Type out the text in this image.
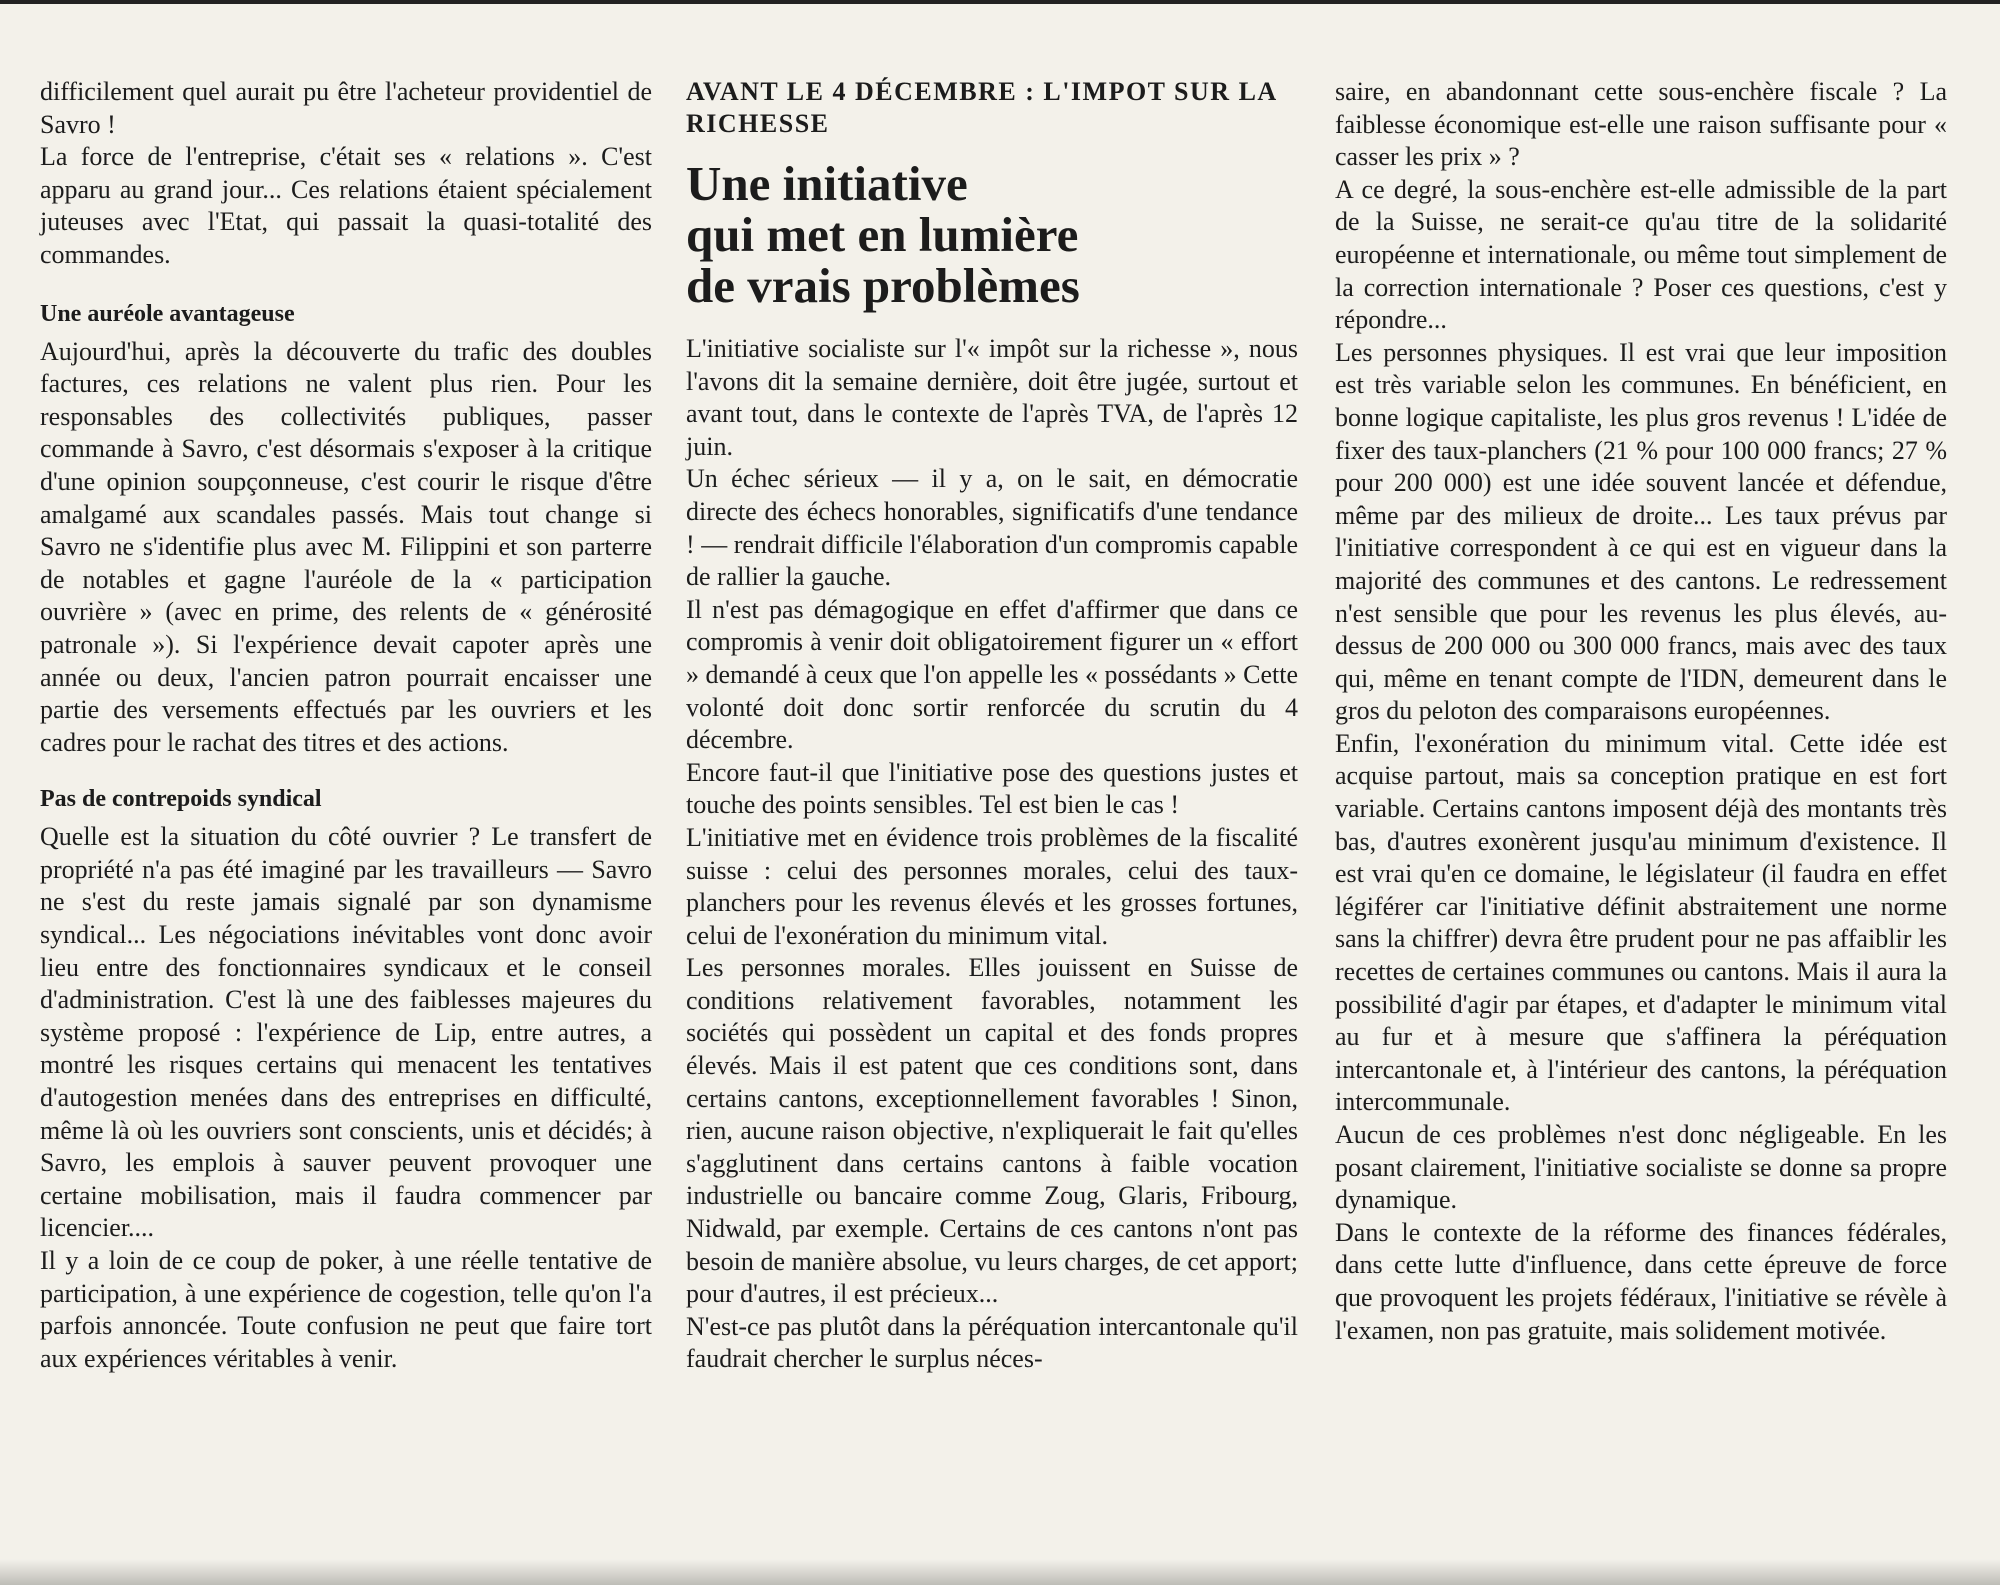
difficilement quel aurait pu être l'acheteur providentiel de Savro !

La force de l'entreprise, c'était ses « relations ». C'est apparu au grand jour... Ces relations étaient spécialement juteuses avec l'Etat, qui passait la quasi-totalité des commandes.

Une auréole avantageuse

Aujourd'hui, après la découverte du trafic des doubles factures, ces relations ne valent plus rien. Pour les responsables des collectivités publiques, passer commande à Savro, c'est désormais s'exposer à la critique d'une opinion soupçonneuse, c'est courir le risque d'être amalgamé aux scandales passés. Mais tout change si Savro ne s'identifie plus avec M. Filippini et son parterre de notables et gagne l'auréole de la « participation ouvrière » (avec en prime, des relents de « générosité patronale »). Si l'expérience devait capoter après une année ou deux, l'ancien patron pourrait encaisser une partie des versements effectués par les ouvriers et les cadres pour le rachat des titres et des actions.

Pas de contrepoids syndical

Quelle est la situation du côté ouvrier ? Le transfert de propriété n'a pas été imaginé par les travailleurs — Savro ne s'est du reste jamais signalé par son dynamisme syndical... Les négociations inévitables vont donc avoir lieu entre des fonctionnaires syndicaux et le conseil d'administration. C'est là une des faiblesses majeures du système proposé : l'expérience de Lip, entre autres, a montré les risques certains qui menacent les tentatives d'autogestion menées dans des entreprises en difficulté, même là où les ouvriers sont conscients, unis et décidés; à Savro, les emplois à sauver peuvent provoquer une certaine mobilisation, mais il faudra commencer par licencier....

Il y a loin de ce coup de poker, à une réelle tentative de participation, à une expérience de cogestion, telle qu'on l'a parfois annoncée. Toute confusion ne peut que faire tort aux expériences véritables à venir.

AVANT LE 4 DÉCEMBRE : L'IMPOT SUR LA RICHESSE

Une initiative
qui met en lumière
de vrais problèmes

L'initiative socialiste sur l'« impôt sur la richesse », nous l'avons dit la semaine dernière, doit être jugée, surtout et avant tout, dans le contexte de l'après TVA, de l'après 12 juin.

Un échec sérieux — il y a, on le sait, en démocratie directe des échecs honorables, significatifs d'une tendance ! — rendrait difficile l'élaboration d'un compromis capable de rallier la gauche.

Il n'est pas démagogique en effet d'affirmer que dans ce compromis à venir doit obligatoirement figurer un « effort » demandé à ceux que l'on appelle les « possédants » Cette volonté doit donc sortir renforcée du scrutin du 4 décembre.

Encore faut-il que l'initiative pose des questions justes et touche des points sensibles. Tel est bien le cas !

L'initiative met en évidence trois problèmes de la fiscalité suisse : celui des personnes morales, celui des taux-planchers pour les revenus élevés et les grosses fortunes, celui de l'exonération du minimum vital.

Les personnes morales. Elles jouissent en Suisse de conditions relativement favorables, notamment les sociétés qui possèdent un capital et des fonds propres élevés. Mais il est patent que ces conditions sont, dans certains cantons, exceptionnellement favorables ! Sinon, rien, aucune raison objective, n'expliquerait le fait qu'elles s'agglutinent dans certains cantons à faible vocation industrielle ou bancaire comme Zoug, Glaris, Fribourg, Nidwald, par exemple. Certains de ces cantons n'ont pas besoin de manière absolue, vu leurs charges, de cet apport; pour d'autres, il est précieux...

N'est-ce pas plutôt dans la péréquation intercantonale qu'il faudrait chercher le surplus néces-

saire, en abandonnant cette sous-enchère fiscale ? La faiblesse économique est-elle une raison suffisante pour « casser les prix » ?

A ce degré, la sous-enchère est-elle admissible de la part de la Suisse, ne serait-ce qu'au titre de la solidarité européenne et internationale, ou même tout simplement de la correction internationale ? Poser ces questions, c'est y répondre...

Les personnes physiques. Il est vrai que leur imposition est très variable selon les communes. En bénéficient, en bonne logique capitaliste, les plus gros revenus ! L'idée de fixer des taux-planchers (21 % pour 100 000 francs; 27 % pour 200 000) est une idée souvent lancée et défendue, même par des milieux de droite... Les taux prévus par l'initiative correspondent à ce qui est en vigueur dans la majorité des communes et des cantons. Le redressement n'est sensible que pour les revenus les plus élevés, au-dessus de 200 000 ou 300 000 francs, mais avec des taux qui, même en tenant compte de l'IDN, demeurent dans le gros du peloton des comparaisons européennes.

Enfin, l'exonération du minimum vital. Cette idée est acquise partout, mais sa conception pratique en est fort variable. Certains cantons imposent déjà des montants très bas, d'autres exonèrent jusqu'au minimum d'existence. Il est vrai qu'en ce domaine, le législateur (il faudra en effet légiférer car l'initiative définit abstraitement une norme sans la chiffrer) devra être prudent pour ne pas affaiblir les recettes de certaines communes ou cantons. Mais il aura la possibilité d'agir par étapes, et d'adapter le minimum vital au fur et à mesure que s'affinera la péréquation intercantonale et, à l'intérieur des cantons, la péréquation intercommunale.

Aucun de ces problèmes n'est donc négligeable. En les posant clairement, l'initiative socialiste se donne sa propre dynamique.

Dans le contexte de la réforme des finances fédérales, dans cette lutte d'influence, dans cette épreuve de force que provoquent les projets fédéraux, l'initiative se révèle à l'examen, non pas gratuite, mais solidement motivée.
